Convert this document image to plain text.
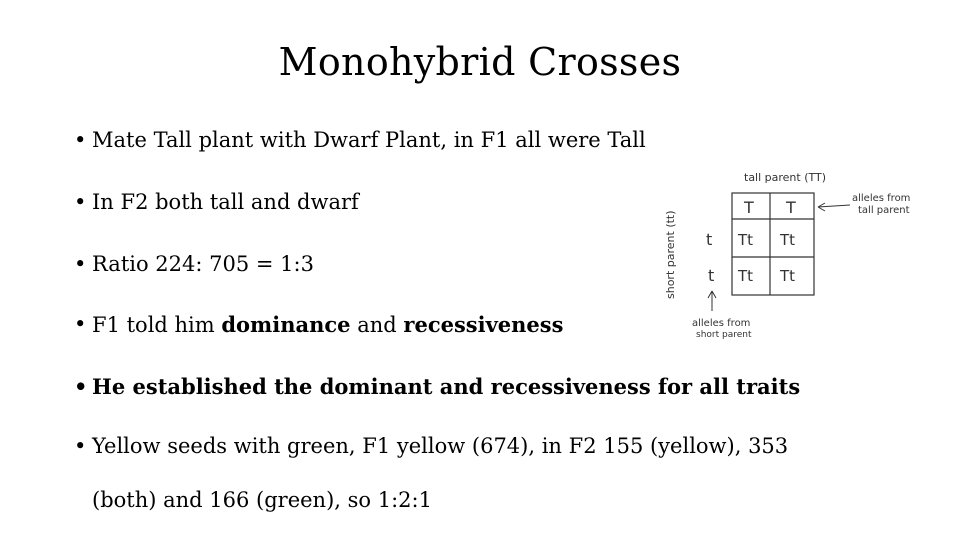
Monohybrid Crosses
• Mate Tall plant with Dwarf Plant, in F1 all were Tall
• In F2 both tall and dwarf
• Ratio 224: 705 = 1:3
• F1 told him dominance and recessiveness
• He established the dominant and recessiveness for all traits
• Yellow seeds with green, F1 yellow (674), in F2 155 (yellow), 353
(both) and 166 (green), so 1:2:1
tall parent (TT)
short parent (tt)
alleles from
tall parent
T T
t
t
Tt Tt
Tt Tt
alleles from
short parent
